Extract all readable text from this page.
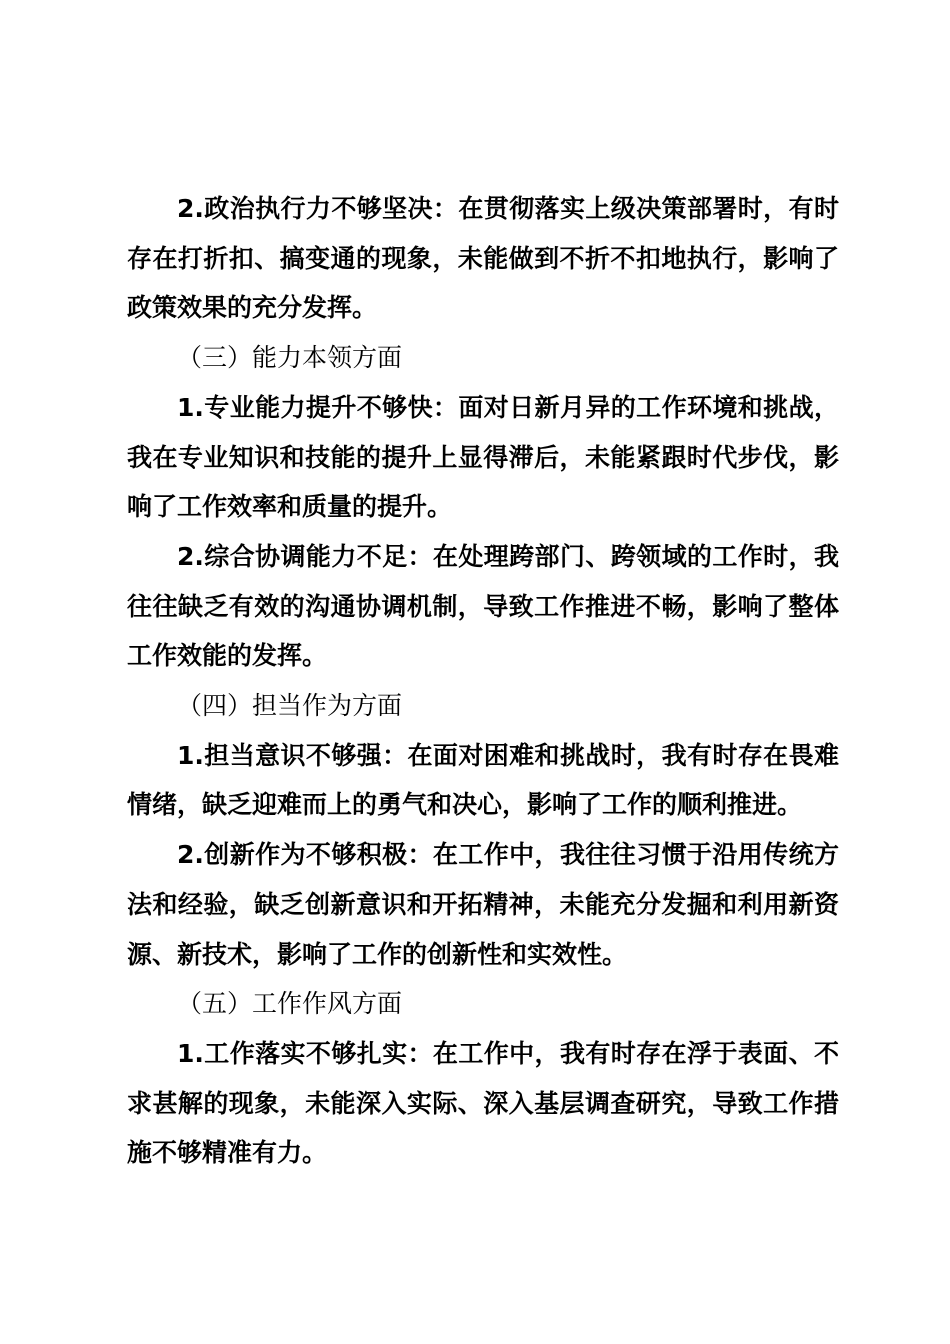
2.政治执行力不够坚决：在贯彻落实上级决策部署时，有时存在打折扣、搞变通的现象，未能做到不折不扣地执行，影响了政策效果的充分发挥。

（三）能力本领方面

1.专业能力提升不够快：面对日新月异的工作环境和挑战，我在专业知识和技能的提升上显得滞后，未能紧跟时代步伐，影响了工作效率和质量的提升。

2.综合协调能力不足：在处理跨部门、跨领域的工作时，我往往缺乏有效的沟通协调机制，导致工作推进不畅，影响了整体工作效能的发挥。

（四）担当作为方面

1.担当意识不够强：在面对困难和挑战时，我有时存在畏难情绪，缺乏迎难而上的勇气和决心，影响了工作的顺利推进。

2.创新作为不够积极：在工作中，我往往习惯于沿用传统方法和经验，缺乏创新意识和开拓精神，未能充分发掘和利用新资源、新技术，影响了工作的创新性和实效性。

（五）工作作风方面

1.工作落实不够扎实：在工作中，我有时存在浮于表面、不求甚解的现象，未能深入实际、深入基层调查研究，导致工作措施不够精准有力。
